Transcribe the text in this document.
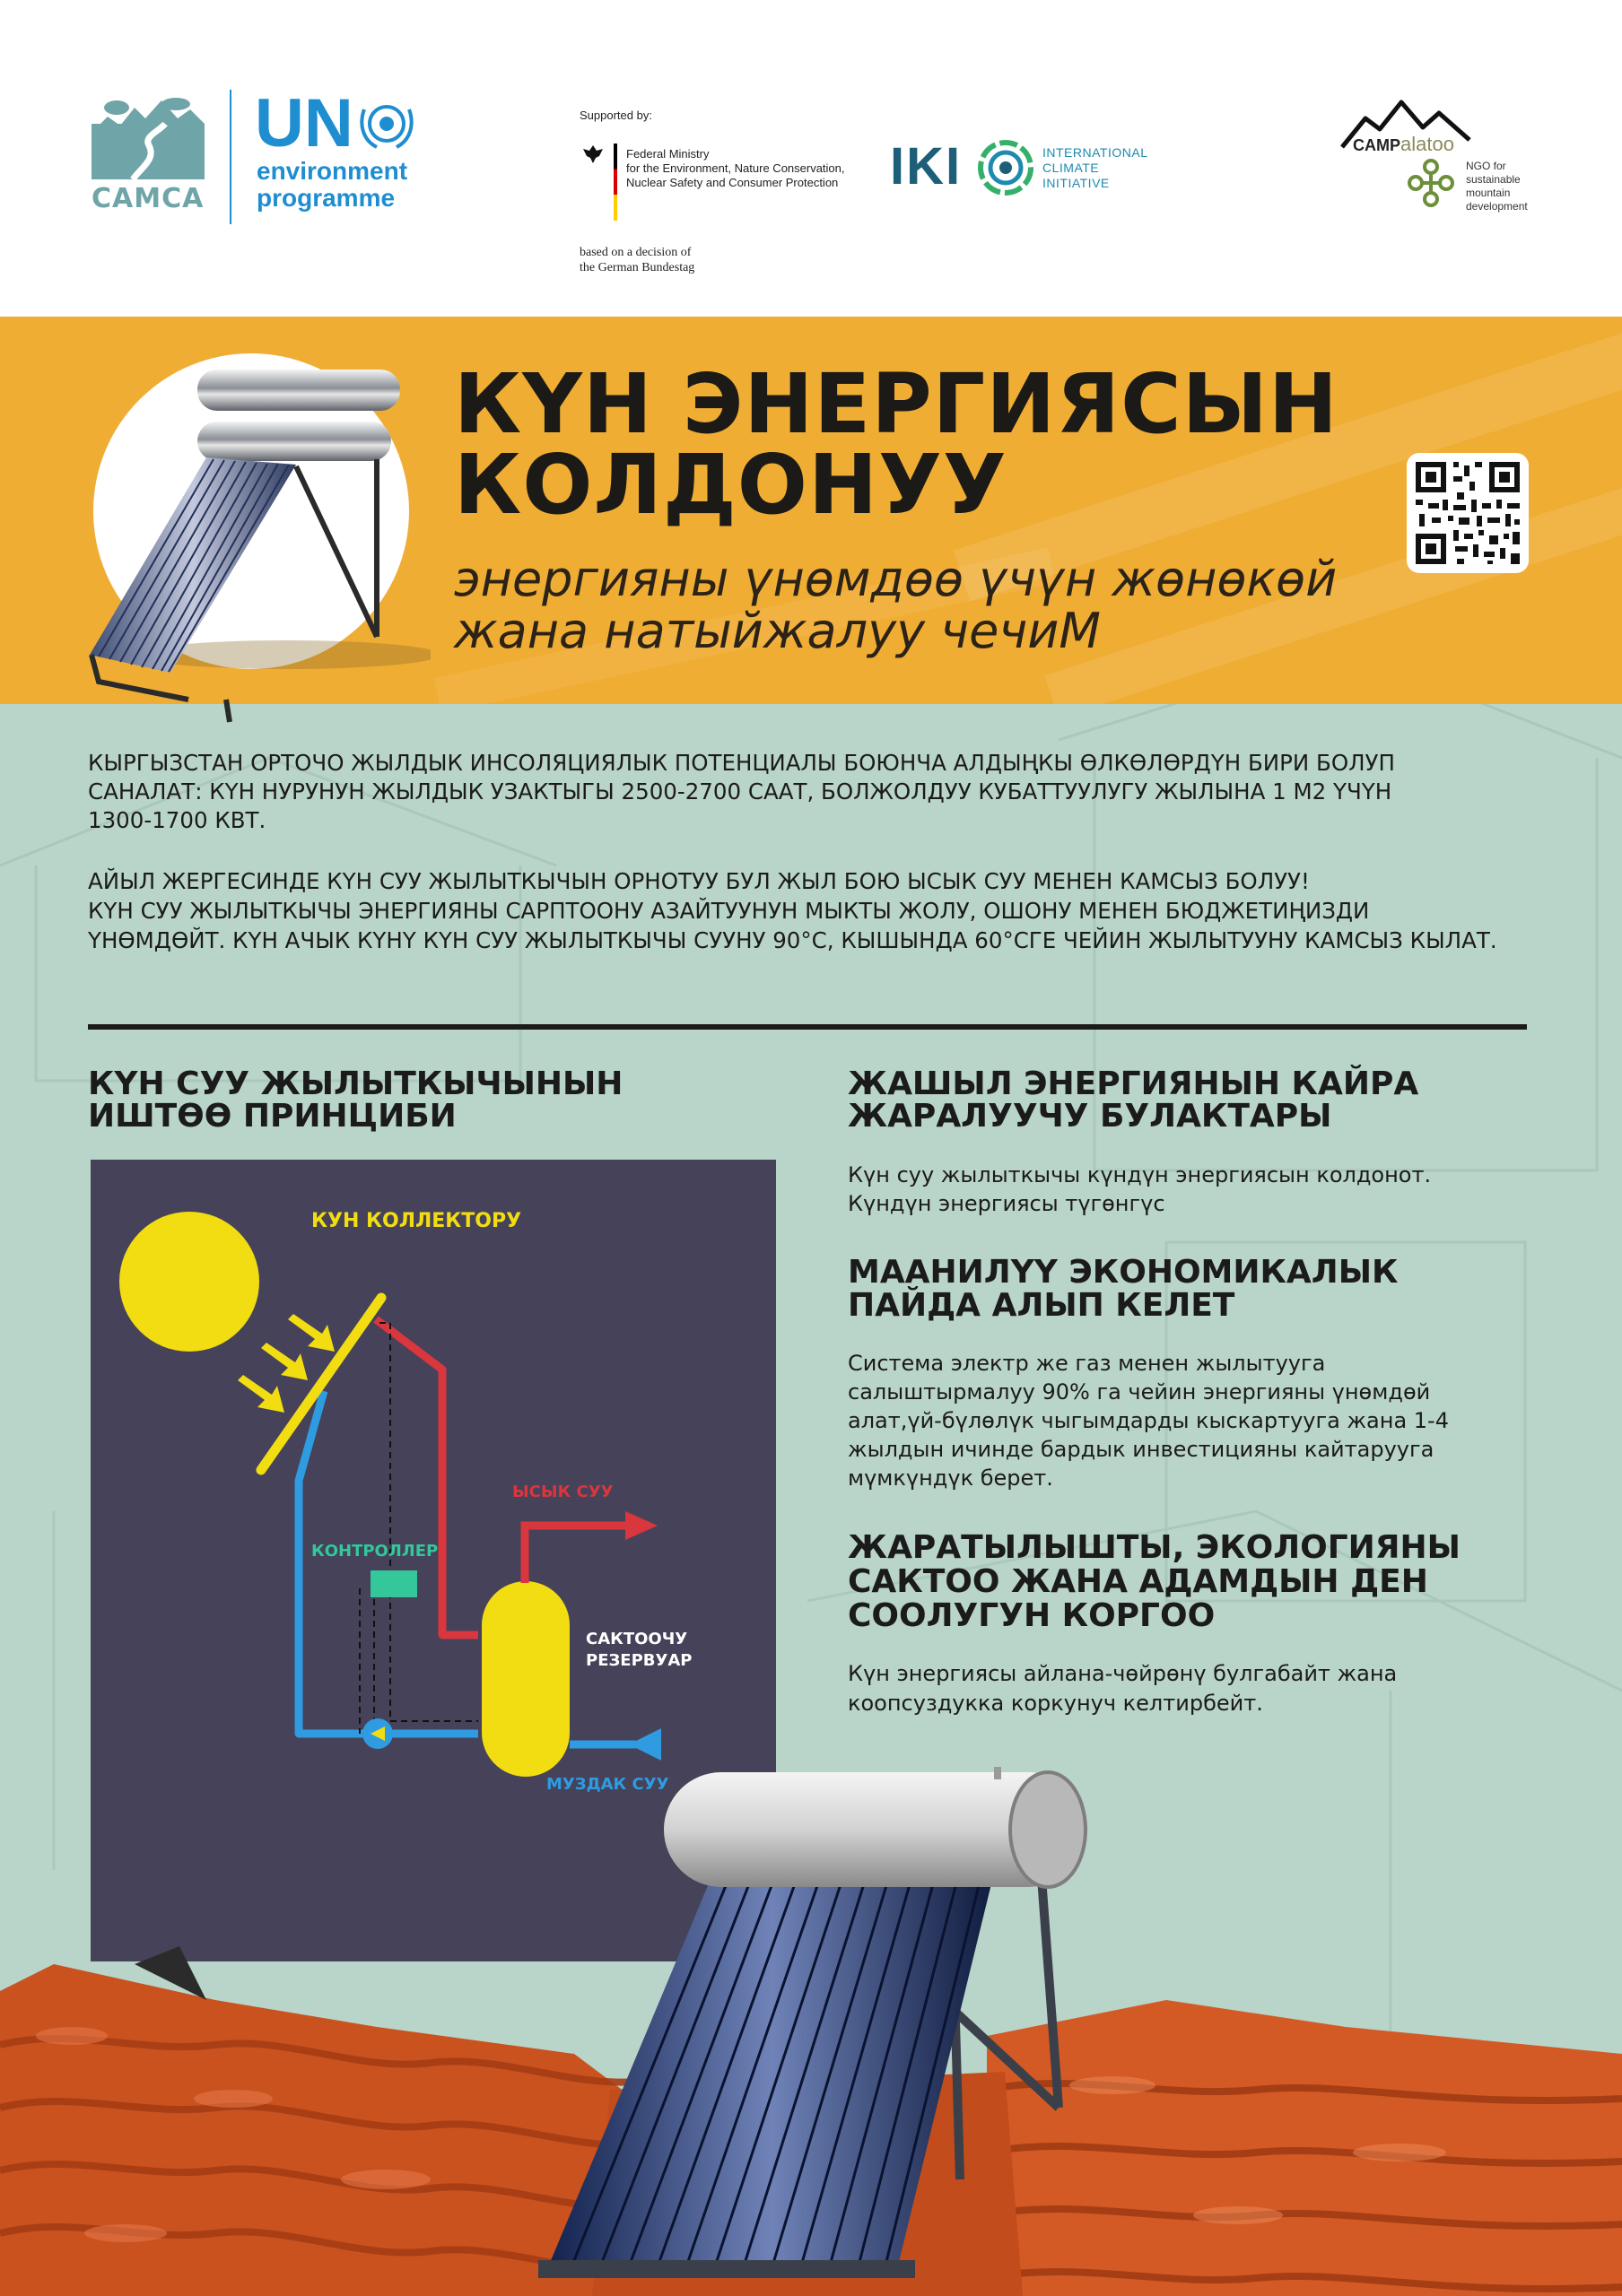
CAMCA
UN
environment
programme
Supported by:
Federal Ministry
for the Environment, Nature Conservation,
Nuclear Safety and Consumer Protection
based on a decision of
the German Bundestag
IKI	INTERNATIONAL
CLIMATE
INITIATIVE
CAMPalatoo
NGO for
sustainable
mountain
development
КҮН ЭНЕРГИЯСЫН
КОЛДОНУУ
энергияны үнөмдөө үчүн жөнөкөй
жана натыйжалуу чечиМ
КЫРГЫЗСТАН ОРТОЧО ЖЫЛДЫК ИНСОЛЯЦИЯЛЫК ПОТЕНЦИАЛЫ БОЮНЧА АЛДЫҢКЫ ӨЛКӨЛӨРДҮН БИРИ БОЛУП
САНАЛАТ: КҮН НУРУНУН ЖЫЛДЫК УЗАКТЫГЫ 2500-2700 СААТ, БОЛЖОЛДУУ КУБАТТУУЛУГУ ЖЫЛЫНА 1 М2 ҮЧҮН
1300-1700 КВТ.
АЙЫЛ ЖЕРГЕСИНДЕ КҮН СУУ ЖЫЛЫТКЫЧЫН ОРНОТУУ БУЛ ЖЫЛ БОЮ ЫСЫК СУУ МЕНЕН КАМСЫЗ БОЛУУ!
КҮН СУУ ЖЫЛЫТКЫЧЫ ЭНЕРГИЯНЫ САРПТООНУ АЗАЙТУУНУН МЫКТЫ ЖОЛУ, ОШОНУ МЕНЕН БЮДЖЕТИҢИЗДИ
ҮНӨМДӨЙТ. КҮН АЧЫК КҮНҮ КҮН СУУ ЖЫЛЫТКЫЧЫ СУУНУ 90°С, КЫШЫНДА 60°СГЕ ЧЕЙИН ЖЫЛЫТУУНУ КАМСЫЗ КЫЛАТ.
КҮН СУУ ЖЫЛЫТКЫЧЫНЫН
ИШТӨӨ ПРИНЦИБИ
КУН КОЛЛЕКТОРУ
ЫСЫК СУУ
КОНТРОЛЛЕР
САКТООЧУ
РЕЗЕРВУАР
МУЗДАК СУУ
ЖАШЫЛ ЭНЕРГИЯНЫН КАЙРА
ЖАРАЛУУЧУ БУЛАКТАРЫ
Күн суу жылыткычы күндүн энергиясын колдонот.
Күндүн энергиясы түгөнгүс
МААНИЛҮҮ ЭКОНОМИКАЛЫК
ПАЙДА АЛЫП КЕЛЕТ
Система электр же газ менен жылытууга
салыштырмалуу 90% га чейин энергияны үнөмдөй
алат,үй-бүлөлүк чыгымдарды кыскартууга жана 1-4
жылдын ичинде бардык инвестицияны кайтарууга
мүмкүндүк берет.
ЖАРАТЫЛЫШТЫ, ЭКОЛОГИЯНЫ
САКТОО ЖАНА АДАМДЫН ДЕН
СООЛУГУН КОРГОО
Күн энергиясы айлана-чөйрөнү булгабайт жана
коопсуздукка коркунуч келтирбейт.
